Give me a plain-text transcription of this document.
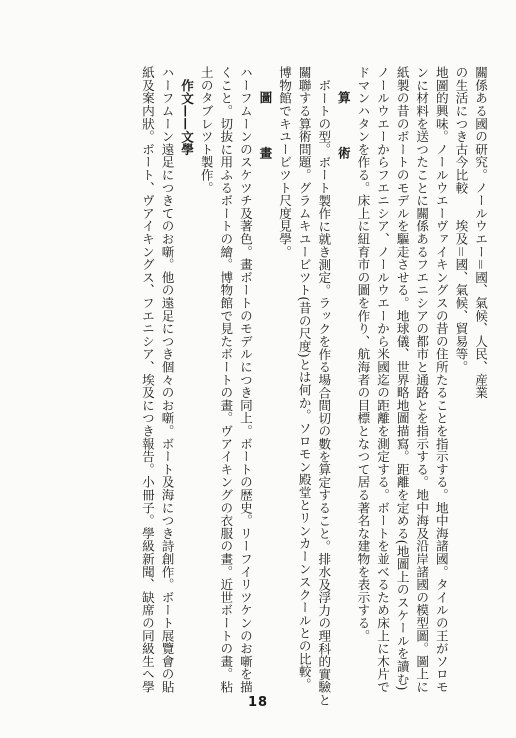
關係ある國の研究。ノールウエー＝國、氣候、人民、産業
の生活につき古今比較　　埃及＝國、氣候、貿易等。
地圖的興味。ノールウエーヴァイキングスの昔の住所たることを指示する。地中海諸國。タイルの王がソロモ
ンに材料を送つたことに關係あるフエニシアの都市と通路とを指示する。地中海及沿岸諸國の模型圖。圖上に
紙製の昔のボートのモデルを驅走させる。地球儀、世界略地圖描寫。距離を定める(地圖上のスケールを讀む)
ノールウエーからフエニシア、ノールウエーから米國迄の距離を測定する。ボートを並べるため床上に木片で
ドマンハタンを作る。床上に紐育市の圖を作り、航海者の目標となつて居る著名な建物を表示する。
算　術
ボートの型。ボート製作に就き測定。ラックを作る場合間切の數を算定すること。排水及浮力の理科的實驗と
關聯する算術問題。グラムキユービツト(昔の尺度)とは何か。ソロモン殿堂とリンカーンスクールとの比較。
博物館でキユービツト尺度見學。
圖　畫
ハーフムーンのスケツチ及著色。畫ボートのモデルにつき同上。ボートの歴史。リーフイリツケンのお噺を描
くこと。切抜に用ふるボートの繪。博物館で見たボートの畫。ヴアイキングの衣服の畫。近世ボートの畫。粘
土のタブレツト製作。
作文——文學
ハーフムーン遠足につきてのお噺。他の遠足につき個々のお噺。ボート及海につき詩創作。ボート展覽會の貼
紙及案内狀。ボート、ヴアイキングス、フエニシア、埃及につき報告。小冊子。學級新聞、缺席の同級生へ學
18
